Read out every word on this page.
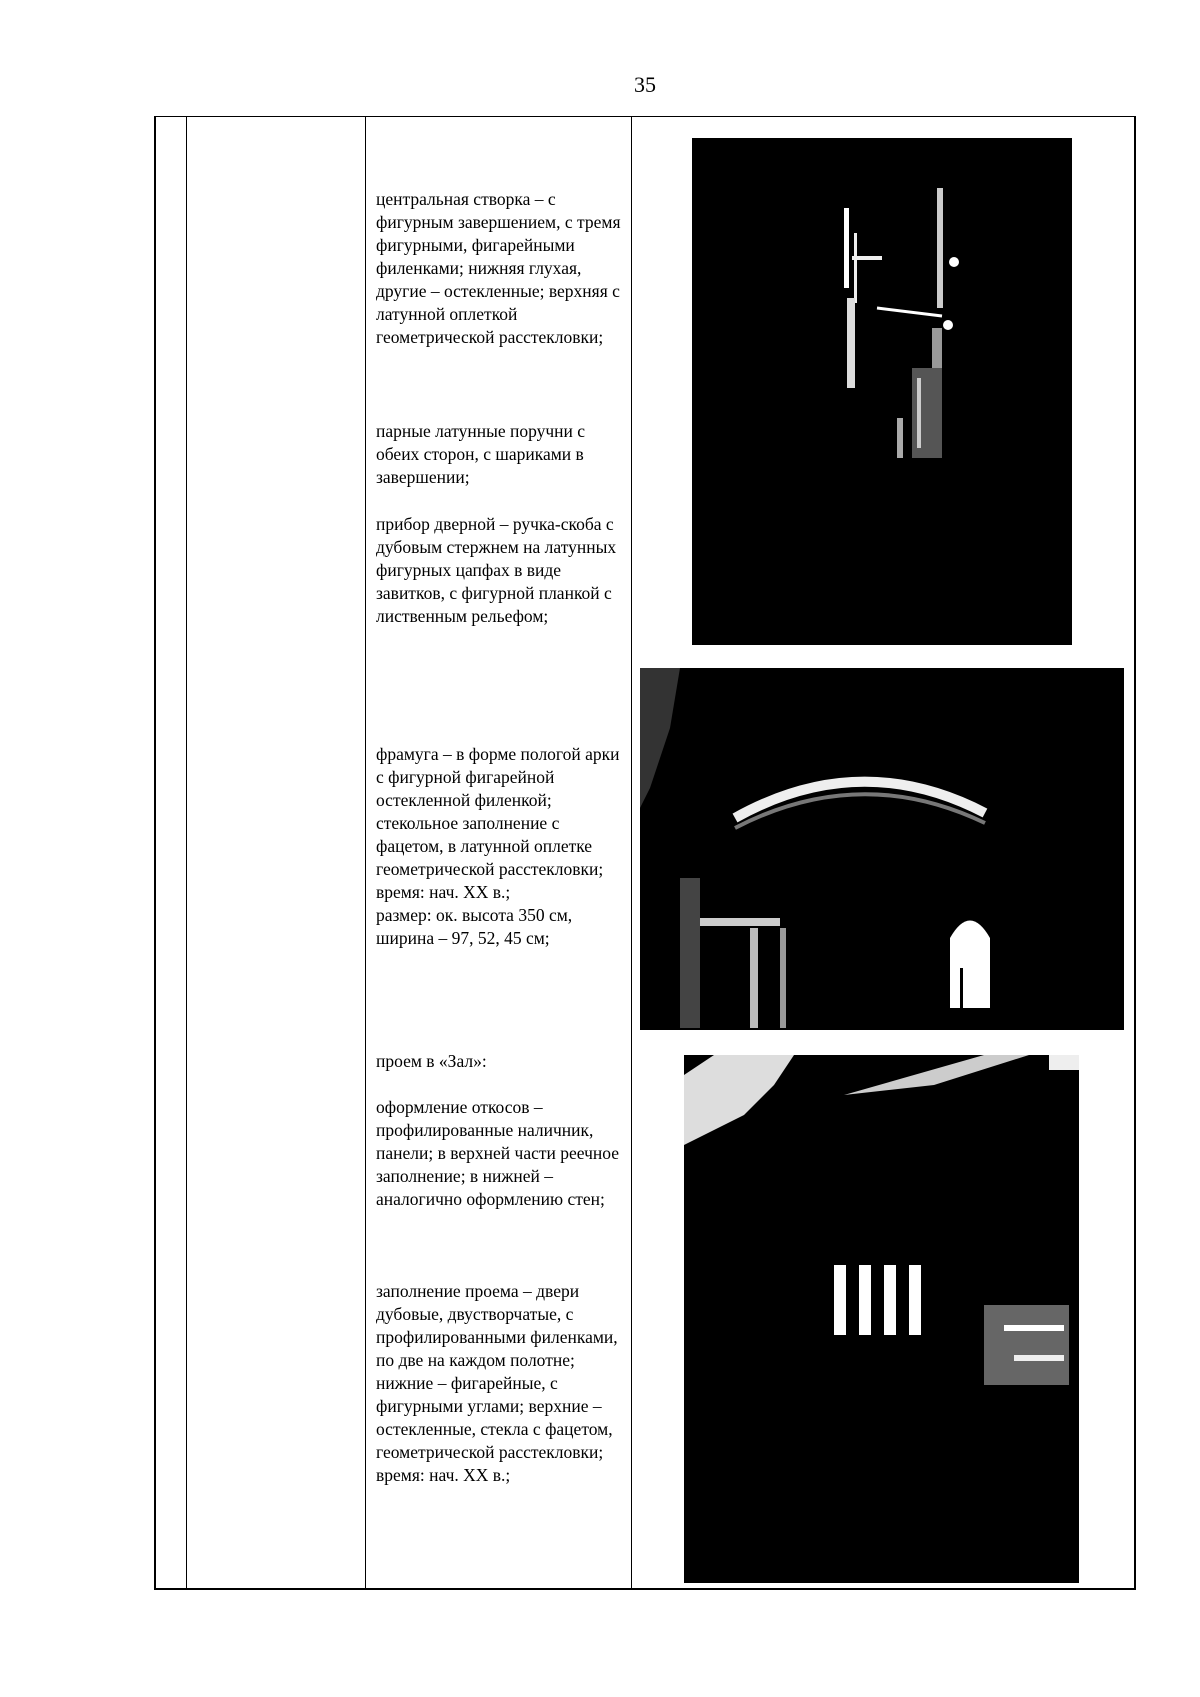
35

центральная створка – с фигурным завершением, с тремя фигурными, фигарейными филенками; нижняя глухая, другие – остекленные; верхняя с латунной оплеткой геометрической расстекловки;

парные латунные поручни с обеих сторон, с шариками в завершении;

прибор дверной – ручка-скоба с дубовым стержнем на латунных фигурных цапфах в виде завитков, с фигурной планкой с лиственным рельефом;

фрамуга – в форме пологой арки с фигурной фигарейной остекленной филенкой; стекольное заполнение с фацетом, в латунной оплетке геометрической расстекловки;

время: нач. XX в.;

размер: ок. высота 350 см,

ширина – 97, 52, 45 см;

проем в «Зал»:

оформление откосов – профилированные наличник, панели; в верхней части реечное заполнение; в нижней – аналогично оформлению стен;

заполнение проема – двери дубовые, двустворчатые, с профилированными филенками, по две на каждом полотне; нижние – фигарейные, с фигурными углами; верхние – остекленные, стекла с фацетом, геометрической расстекловки;

время: нач. XX в.;
